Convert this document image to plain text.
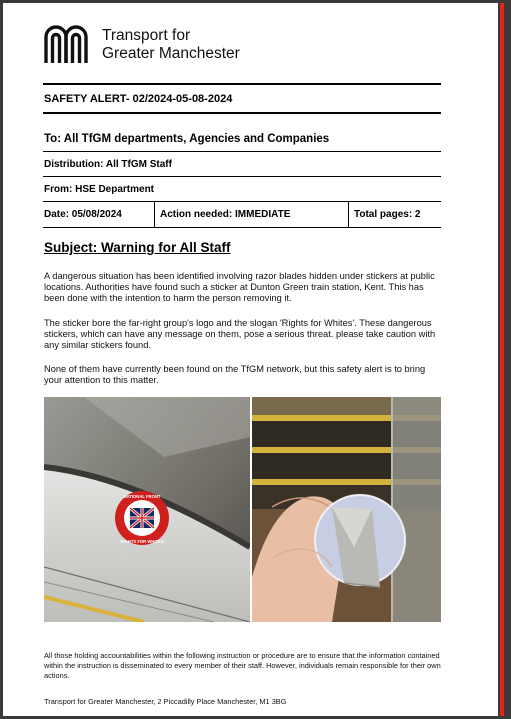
Transport for
Greater Manchester
SAFETY ALERT- 02/2024-05-08-2024
To: All TfGM departments, Agencies and Companies
Distribution: All TfGM Staff
From: HSE Department
Date: 05/08/2024	Action needed: IMMEDIATE	Total pages: 2
Subject: Warning for All Staff
A dangerous situation has been identified involving razor blades hidden under stickers at public locations. Authorities have found such a sticker at Dunton Green train station, Kent. This has been done with the intention to harm the person removing it.
The sticker bore the far-right group's logo and the slogan 'Rights for Whites'. These dangerous stickers, which can have any message on them, pose a serious threat. please take caution with any similar stickers found.
None of them have currently been found on the TfGM network, but this safety alert is to bring your attention to this matter.
NATIONAL FRONT
RIGHTS FOR WHITES
All those holding accountabilities within the following instruction or procedure are to ensure that the information contained within the instruction is disseminated to every member of their staff. However, individuals remain responsible for their own actions.
Transport for Greater Manchester, 2 Piccadilly Place Manchester, M1 3BG
